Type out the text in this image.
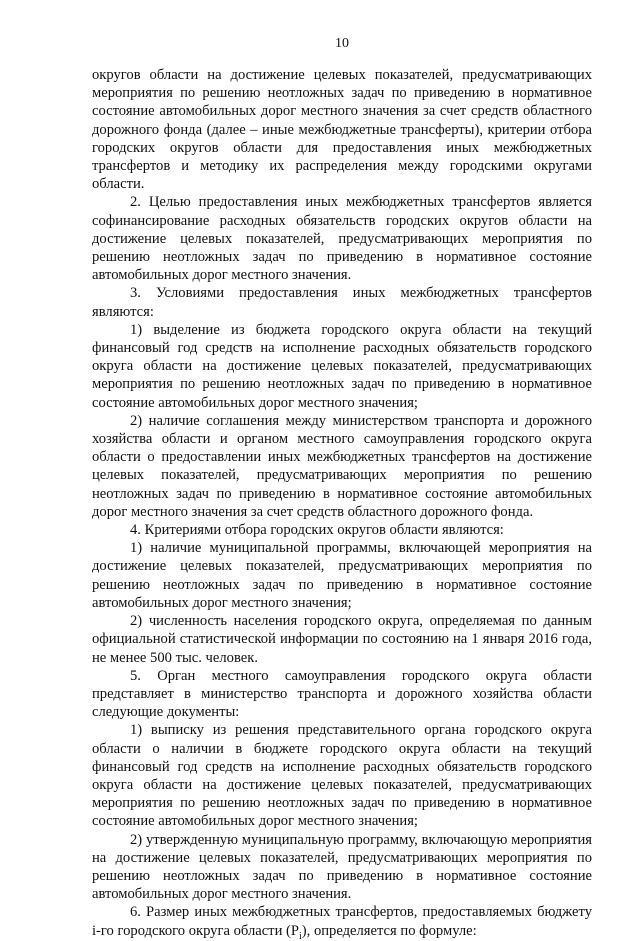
10

округов области на достижение целевых показателей, предусматривающих мероприятия по решению неотложных задач по приведению в нормативное состояние автомобильных дорог местного значения за счет средств областного дорожного фонда (далее – иные межбюджетные трансферты), критерии отбора городских округов области для предоставления иных межбюджетных трансфертов и методику их распределения между городскими округами области.

2. Целью предоставления иных межбюджетных трансфертов является софинансирование расходных обязательств городских округов области на достижение целевых показателей, предусматривающих мероприятия по решению неотложных задач по приведению в нормативное состояние автомобильных дорог местного значения.

3. Условиями предоставления иных межбюджетных трансфертов являются:

1) выделение из бюджета городского округа области на текущий финансовый год средств на исполнение расходных обязательств городского округа области на достижение целевых показателей, предусматривающих мероприятия по решению неотложных задач по приведению в нормативное состояние автомобильных дорог местного значения;

2) наличие соглашения между министерством транспорта и дорожного хозяйства области и органом местного самоуправления городского округа области о предоставлении иных межбюджетных трансфертов на достижение целевых показателей, предусматривающих мероприятия по решению неотложных задач по приведению в нормативное состояние автомобильных дорог местного значения за счет средств областного дорожного фонда.

4. Критериями отбора городских округов области являются:

1) наличие муниципальной программы, включающей мероприятия на достижение целевых показателей, предусматривающих мероприятия по решению неотложных задач по приведению в нормативное состояние автомобильных дорог местного значения;

2) численность населения городского округа, определяемая по данным официальной статистической информации по состоянию на 1 января 2016 года, не менее 500 тыс. человек.

5. Орган местного самоуправления городского округа области представляет в министерство транспорта и дорожного хозяйства области следующие документы:

1) выписку из решения представительного органа городского округа области о наличии в бюджете городского округа области на текущий финансовый год средств на исполнение расходных обязательств городского округа области на достижение целевых показателей, предусматривающих мероприятия по решению неотложных задач по приведению в нормативное состояние автомобильных дорог местного значения;

2) утвержденную муниципальную программу, включающую мероприятия на достижение целевых показателей, предусматривающих мероприятия по решению неотложных задач по приведению в нормативное состояние автомобильных дорог местного значения.

6. Размер иных межбюджетных трансфертов, предоставляемых бюджету i-го городского округа области $(P_i)$, определяется по формуле:
